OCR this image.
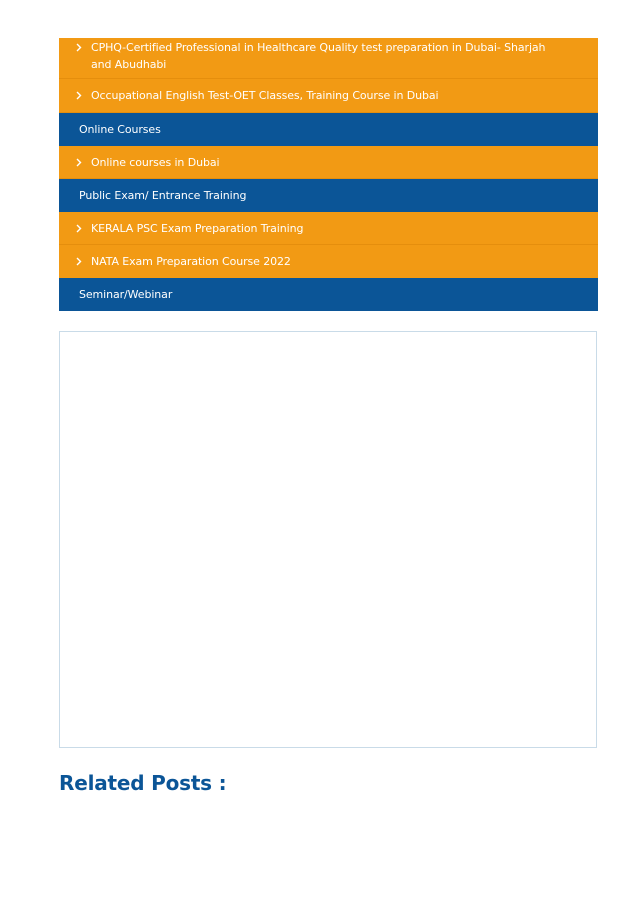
CPHQ-Certified Professional in Healthcare Quality test preparation in Dubai- Sharjah and Abudhabi
Occupational English Test-OET Classes, Training Course in Dubai
Online Courses
Online courses in Dubai
Public Exam/ Entrance Training
KERALA PSC Exam Preparation Training
NATA Exam Preparation Course 2022
Seminar/Webinar
Related Posts :
